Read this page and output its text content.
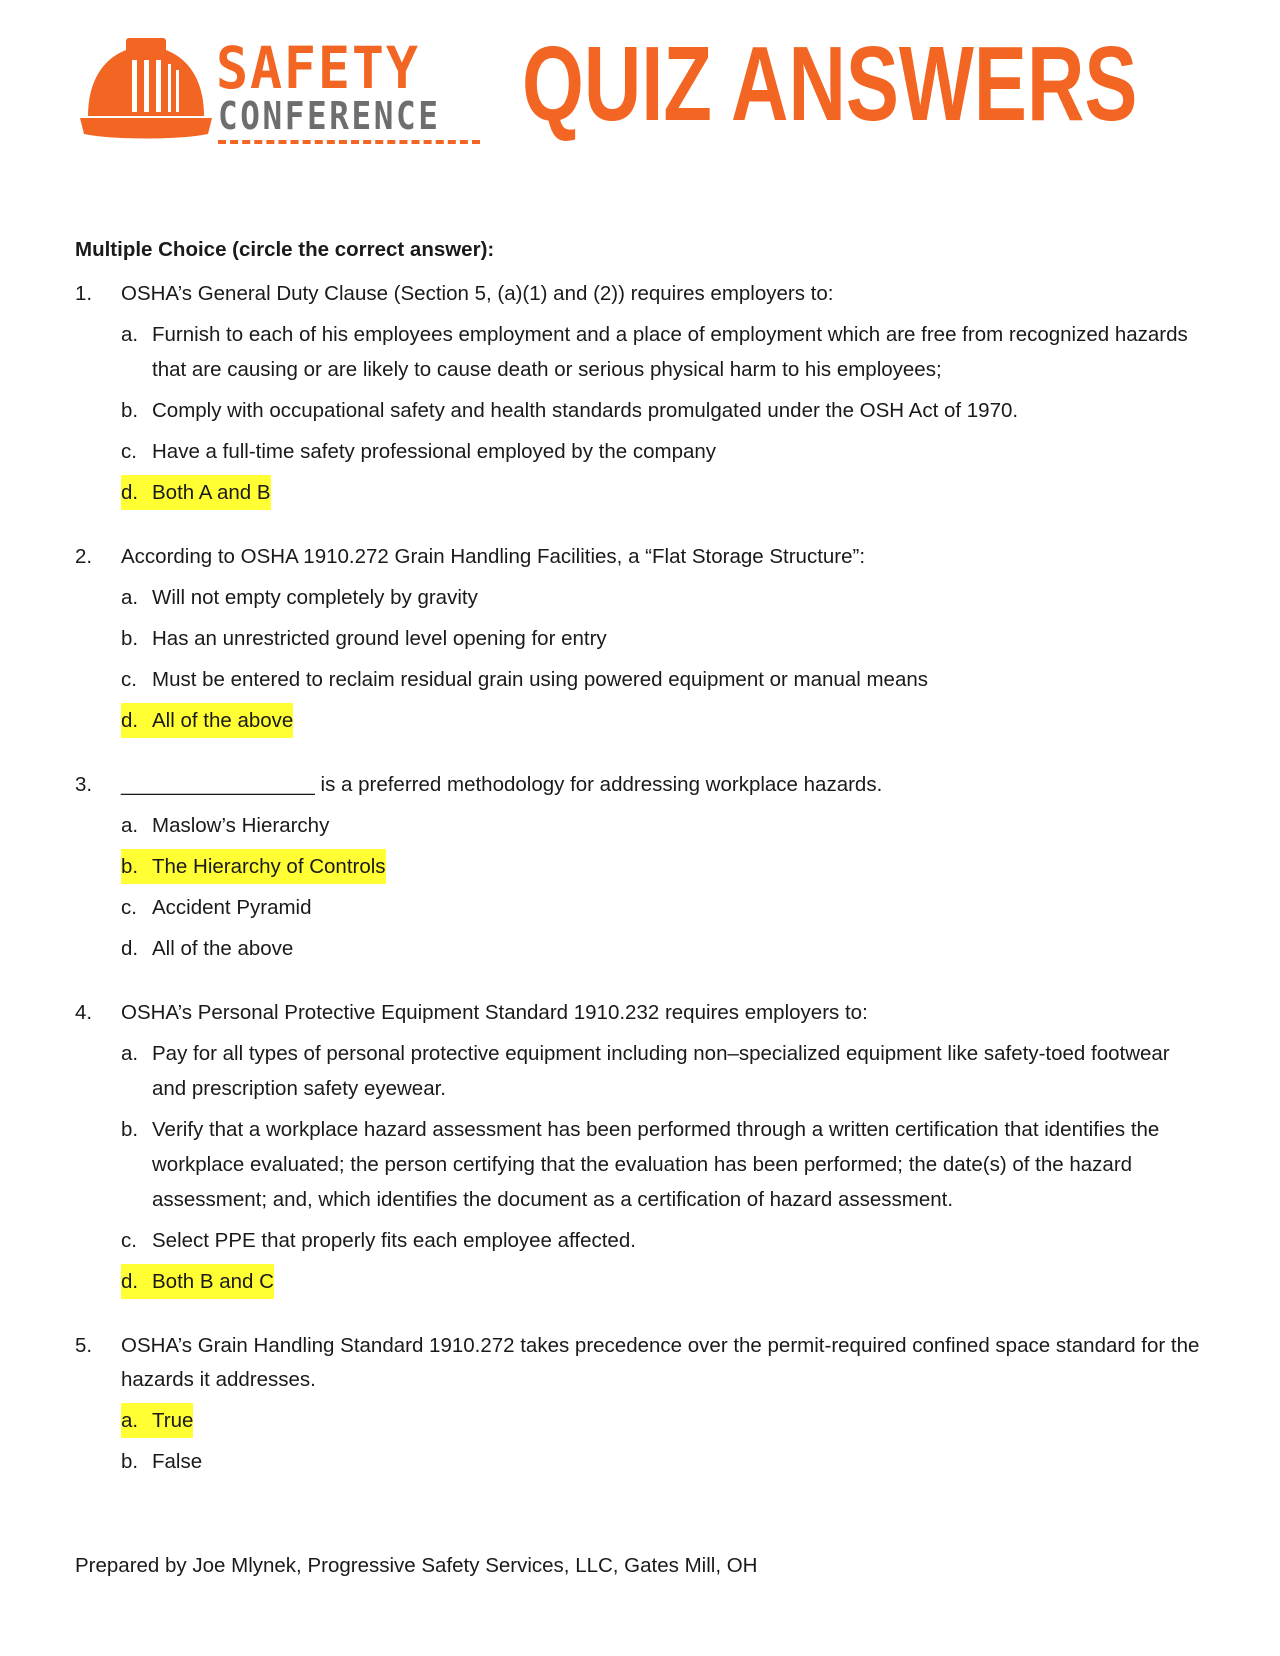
SAFETY
CONFERENCE QUIZ ANSWERS
Multiple Choice (circle the correct answer):
1.	OSHA’s General Duty Clause (Section 5, (a)(1) and (2)) requires employers to:
a. Furnish to each of his employees employment and a place of employment which are free from recognized hazards that are causing or are likely to cause death or serious physical harm to his employees;
b. Comply with occupational safety and health standards promulgated under the OSH Act of 1970.
c. Have a full-time safety professional employed by the company
d. Both A and B
2.	According to OSHA 1910.272 Grain Handling Facilities, a “Flat Storage Structure”:
a. Will not empty completely by gravity
b. Has an unrestricted ground level opening for entry
c. Must be entered to reclaim residual grain using powered equipment or manual means
d. All of the above
3.	_________________ is a preferred methodology for addressing workplace hazards.
a. Maslow’s Hierarchy
b. The Hierarchy of Controls
c. Accident Pyramid
d. All of the above
4.	OSHA’s Personal Protective Equipment Standard 1910.232 requires employers to:
a. Pay for all types of personal protective equipment including non–specialized equipment like safety-toed footwear and prescription safety eyewear.
b. Verify that a workplace hazard assessment has been performed through a written certification that identifies the workplace evaluated; the person certifying that the evaluation has been performed; the date(s) of the hazard assessment; and, which identifies the document as a certification of hazard assessment.
c. Select PPE that properly fits each employee affected.
d. Both B and C
5.	OSHA’s Grain Handling Standard 1910.272 takes precedence over the permit-required confined space standard for the hazards it addresses.
a. True
b. False
Prepared by Joe Mlynek, Progressive Safety Services, LLC, Gates Mill, OH
